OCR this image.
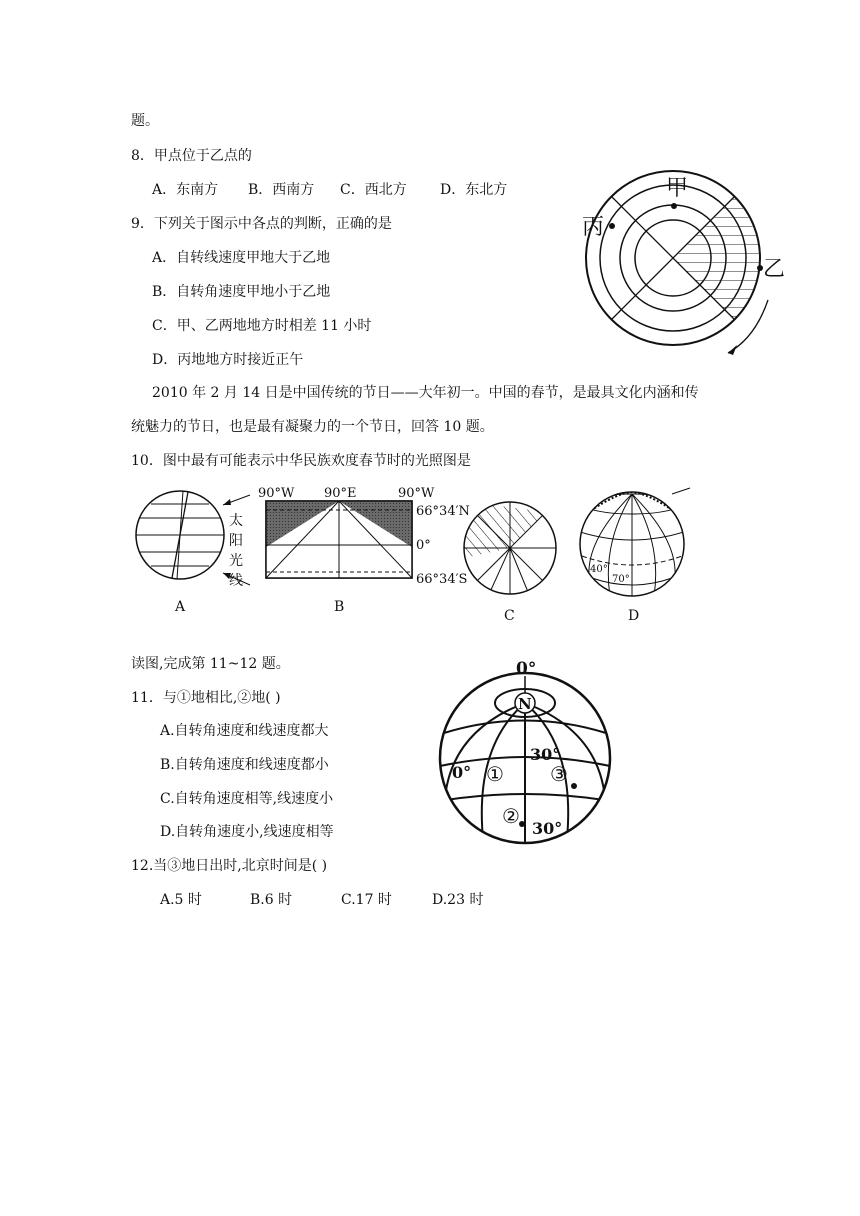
题。
8．甲点位于乙点的
A．东南方 B．西南方 C．西北方 D．东北方
9．下列关于图示中各点的判断，正确的是
A．自转线速度甲地大于乙地
B．自转角速度甲地小于乙地
C．甲、乙两地地方时相差 11 小时
D．丙地地方时接近正午
2010 年 2 月 14 日是中国传统的节日——大年初一。中国的春节，是最具文化内涵和传
统魅力的节日，也是最有凝聚力的一个节日，回答 10 题。
10．图中最有可能表示中华民族欢度春节时的光照图是
读图,完成第 11~12 题。
11．与①地相比,②地( )
A.自转角速度和线速度都大
B.自转角速度和线速度都小
C.自转角速度相等,线速度小
D.自转角速度小,线速度相等
12.当③地日出时,北京时间是( )
A.5 时	B.6 时	C.17 时	D.23 时
甲
乙
丙
太
阳
光
线
A
90°W 90°E	90°W
66°34′N
0°
66°34′S
B
C
40°
70°
D
0°
N
30°
0°
30°
①
②
③
